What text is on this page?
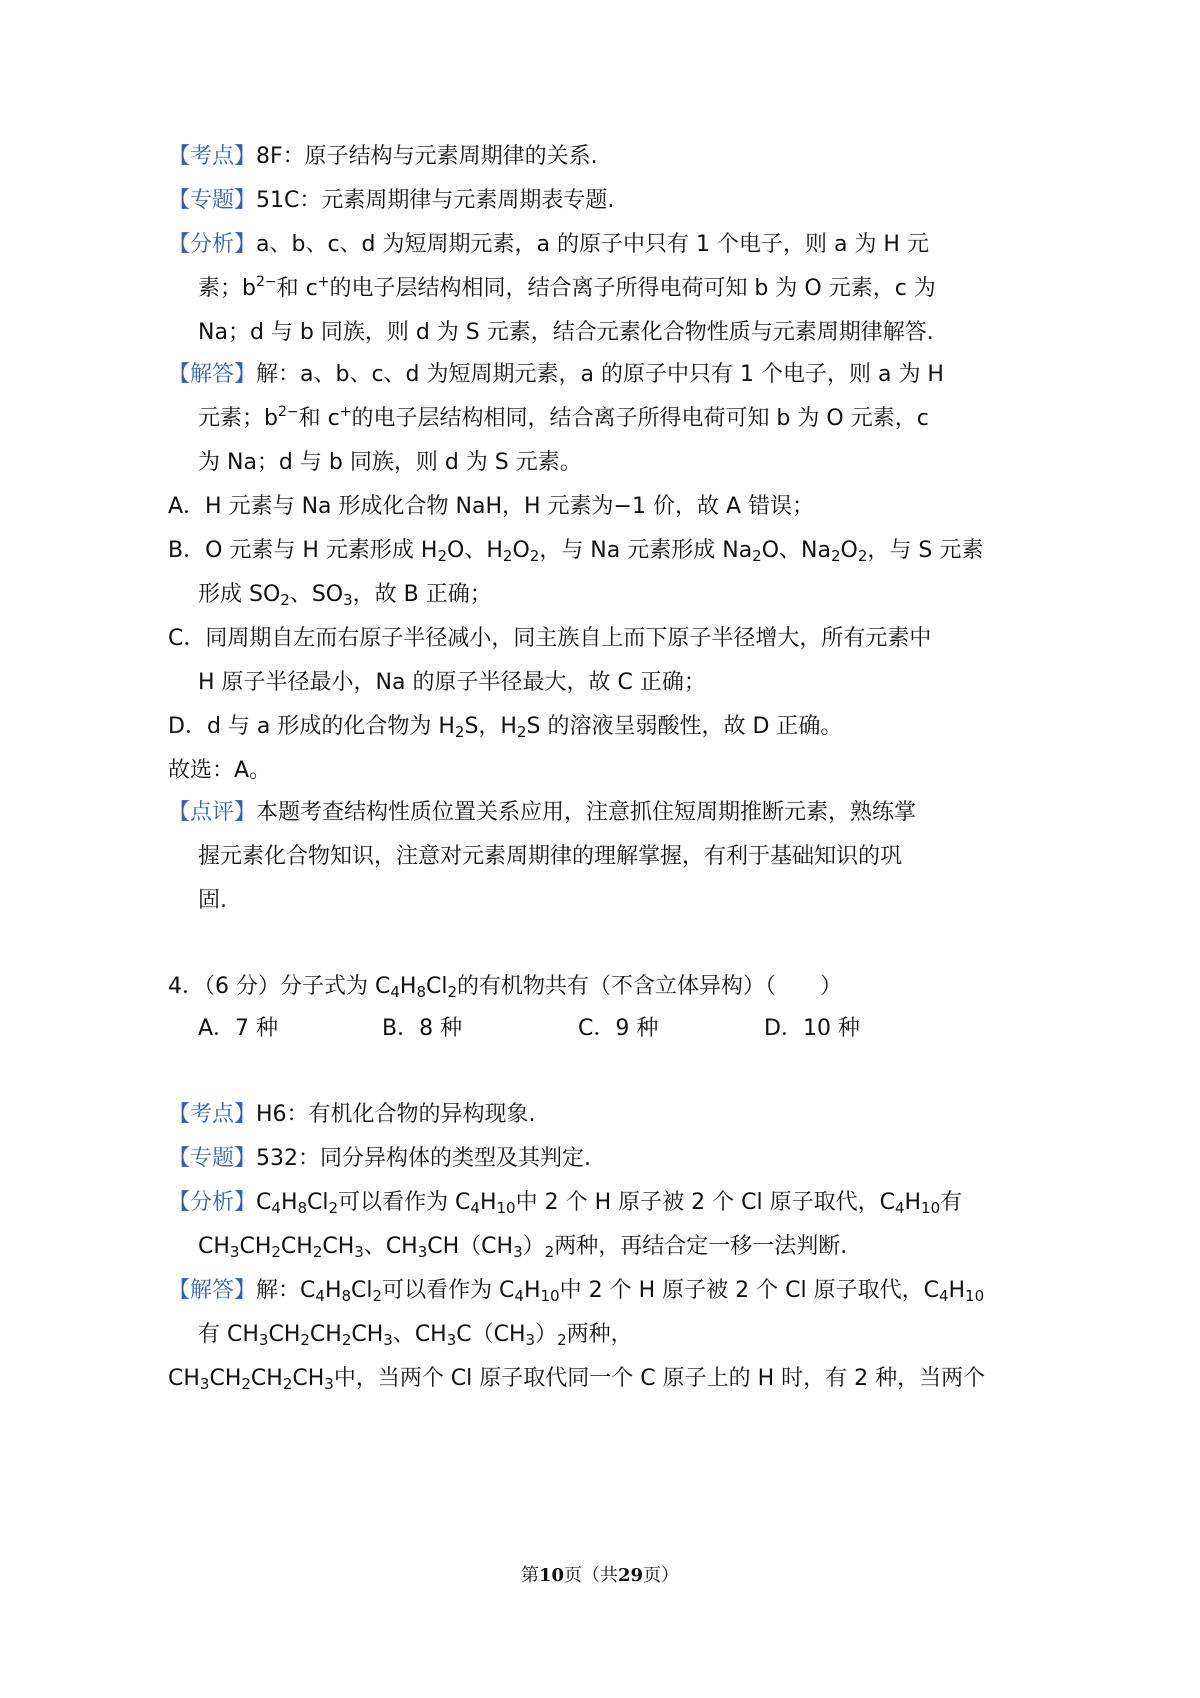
【考点】8F：原子结构与元素周期律的关系.
【专题】51C：元素周期律与元素周期表专题.
【分析】a、b、c、d 为短周期元素，a 的原子中只有 1 个电子，则 a 为 H 元
素；$b^{2-}$和 c+的电子层结构相同，结合离子所得电荷可知 b 为 O 元素，c 为
Na；d 与 b 同族，则 d 为 S 元素，结合元素化合物性质与元素周期律解答.
【解答】解：a、b、c、d 为短周期元素，a 的原子中只有 1 个电子，则 a 为 H
元素；$b^{2-}$和 c+的电子层结构相同，结合离子所得电荷可知 b 为 O 元素，c
为 Na；d 与 b 同族，则 d 为 S 元素。
A．H 元素与 Na 形成化合物 NaH，H 元素为−1 价，故 A 错误；
B．O 元素与 H 元素形成 $H_2O$、$H_2O_2$，与 Na 元素形成 $Na_2O$、$Na_2O_2$，与 S 元素
形成 $SO_2$、$SO_3$，故 B 正确；
C．同周期自左而右原子半径减小，同主族自上而下原子半径增大，所有元素中
H 原子半径最小，Na 的原子半径最大，故 C 正确；
D．d 与 a 形成的化合物为 $H_2S$，$H_2S$ 的溶液呈弱酸性，故 D 正确。
故选：A。
【点评】本题考查结构性质位置关系应用，注意抓住短周期推断元素，熟练掌
握元素化合物知识，注意对元素周期律的理解掌握，有利于基础知识的巩
固.
4．（6 分）分子式为 $C_4H_8Cl_2$的有机物共有（不含立体异构）（　　）
A．7 种	B．8 种	C．9 种	D．10 种
【考点】H6：有机化合物的异构现象.
【专题】532：同分异构体的类型及其判定.
【分析】$C_4H_8Cl_2$可以看作为 $C_4H_{10}$中 2 个 H 原子被 2 个 Cl 原子取代，$C_4H_{10}$有
$CH_3CH_2CH_2CH_3$、$CH_3CH(CH_3)_2$两种，再结合定一移一法判断.
【解答】解：$C_4H_8Cl_2$可以看作为 $C_4H_{10}$中 2 个 H 原子被 2 个 Cl 原子取代，$C_4H_{10}$
有 $CH_3CH_2CH_2CH_3$、$CH_3C(CH_3)_2$两种，
$CH_3CH_2CH_2CH_3$中，当两个 Cl 原子取代同一个 C 原子上的 H 时，有 2 种，当两个
第10页（共29页）
